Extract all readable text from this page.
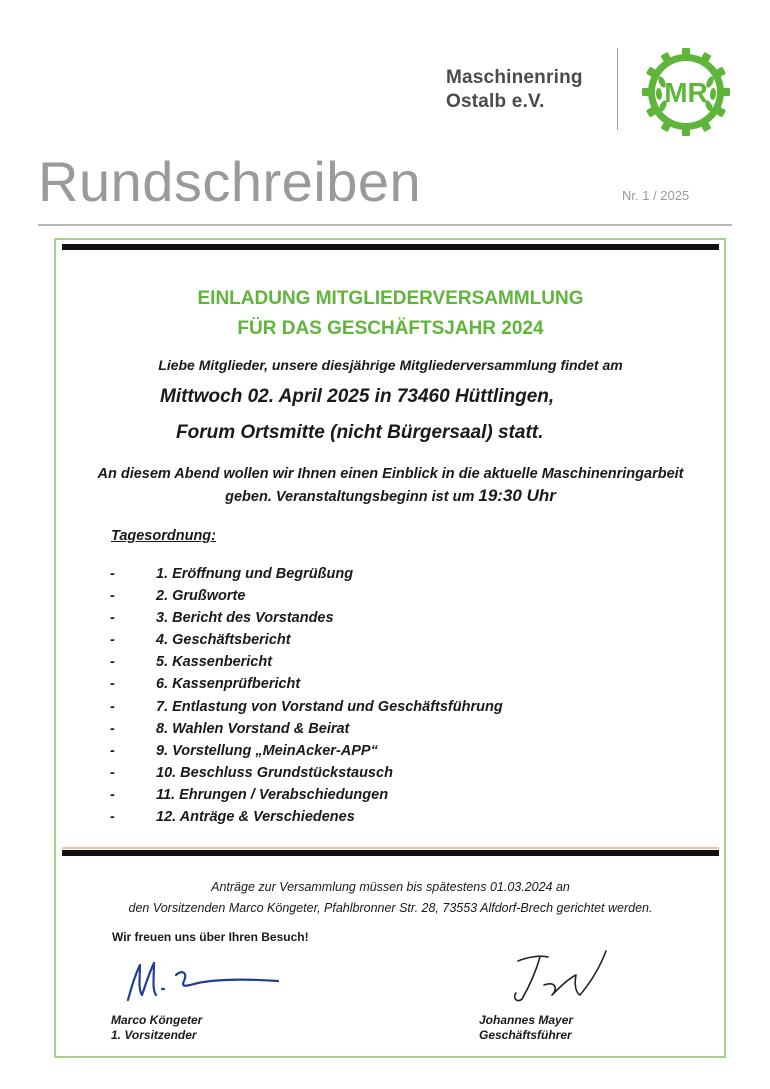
Maschinenring
Ostalb e.V.	MR
Rundschreiben	Nr. 1 / 2025
EINLADUNG MITGLIEDERVERSAMMLUNG
FÜR DAS GESCHÄFTSJAHR 2024
Liebe Mitglieder, unsere diesjährige Mitgliederversammlung findet am
Mittwoch 02. April 2025 in 73460 Hüttlingen,
Forum Ortsmitte (nicht Bürgersaal) statt.
An diesem Abend wollen wir Ihnen einen Einblick in die aktuelle Maschinenringarbeit
geben. Veranstaltungsbeginn ist um 19:30 Uhr
Tagesordnung:
-	1. Eröffnung und Begrüßung
-	2. Grußworte
-	3. Bericht des Vorstandes
-	4. Geschäftsbericht
-	5. Kassenbericht
-	6. Kassenprüfbericht
-	7. Entlastung von Vorstand und Geschäftsführung
-	8. Wahlen Vorstand & Beirat
-	9. Vorstellung „MeinAcker-APP“
-	10. Beschluss Grundstückstausch
-	11. Ehrungen / Verabschiedungen
-	12. Anträge & Verschiedenes
Anträge zur Versammlung müssen bis spätestens 01.03.2024 an
den Vorsitzenden Marco Köngeter, Pfahlbronner Str. 28, 73553 Alfdorf-Brech gerichtet werden.
Wir freuen uns über Ihren Besuch!
Marco Köngeter
1. Vorsitzender
Johannes Mayer
Geschäftsführer
